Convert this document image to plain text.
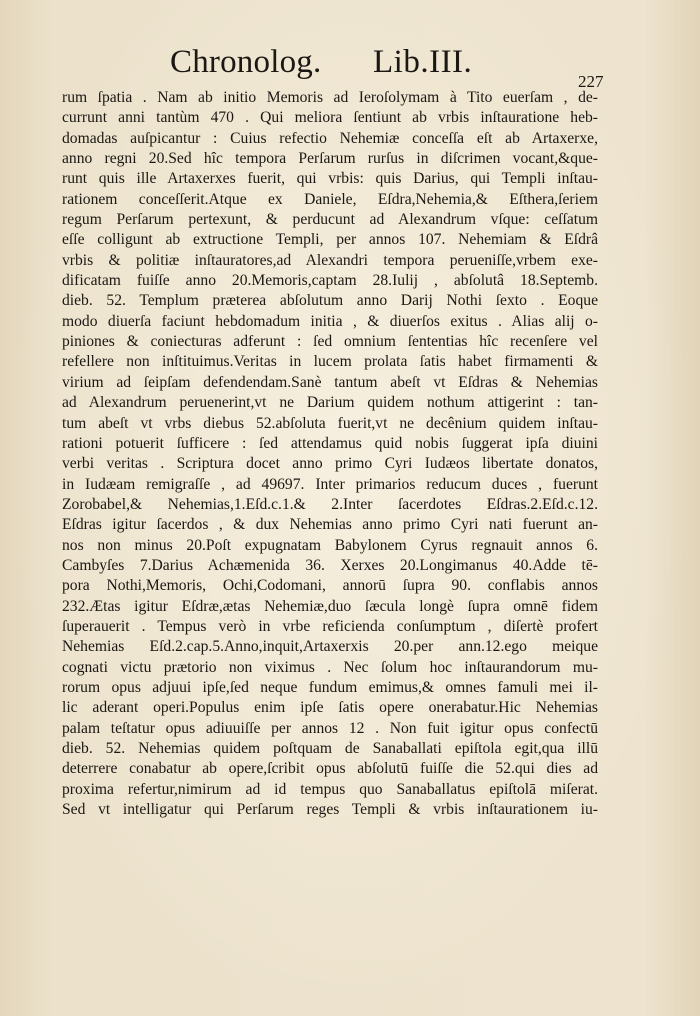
Chronolog. Lib.III.
227
rum ſpatia . Nam ab initio Memoris ad Ieroſolymam à Tito euerſam , de-
currunt anni tantùm 470 . Qui meliora ſentiunt ab vrbis inſtauratione heb-
domadas auſpicantur : Cuius refectio Nehemiæ conceſſa eſt ab Artaxerxe,
anno regni 20.Sed hîc tempora Perſarum rurſus in diſcrimen vocant,&que-
runt quis ille Artaxerxes fuerit, qui vrbis: quis Darius, qui Templi inſtau-
rationem conceſſerit.Atque ex Daniele, Eſdra,Nehemia,& Eſthera,ſeriem
regum Perſarum pertexunt, & perducunt ad Alexandrum vſque: ceſſatum
eſſe colligunt ab extructione Templi, per annos 107. Nehemiam & Eſdrâ
vrbis & politiæ inſtauratores,ad Alexandri tempora perueniſſe,vrbem exe-
dificatam fuiſſe anno 20.Memoris,captam 28.Iulij , abſolutâ 18.Septemb.
dieb. 52. Templum præterea abſolutum anno Darij Nothi ſexto . Eoque
modo diuerſa faciunt hebdomadum initia , & diuerſos exitus . Alias alij o-
piniones & coniecturas adferunt : ſed omnium ſententias hîc recenſere vel
refellere non inſtituimus.Veritas in lucem prolata ſatis habet firmamenti &
virium ad ſeipſam defendendam.Sanè tantum abeſt vt Eſdras & Nehemias
ad Alexandrum peruenerint,vt ne Darium quidem nothum attigerint : tan-
tum abeſt vt vrbs diebus 52.abſoluta fuerit,vt ne decênium quidem inſtau-
rationi potuerit ſufficere : ſed attendamus quid nobis ſuggerat ipſa diuini
verbi veritas . Scriptura docet anno primo Cyri Iudæos libertate donatos,
in Iudæam remigraſſe , ad 49697. Inter primarios reducum duces , fuerunt
Zorobabel,& Nehemias,1.Eſd.c.1.& 2.Inter ſacerdotes Eſdras.2.Eſd.c.12.
Eſdras igitur ſacerdos , & dux Nehemias anno primo Cyri nati fuerunt an-
nos non minus 20.Poſt expugnatam Babylonem Cyrus regnauit annos 6.
Cambyſes 7.Darius Achæmenida 36. Xerxes 20.Longimanus 40.Adde tē-
pora Nothi,Memoris, Ochi,Codomani, annorū ſupra 90. conflabis annos
232.Ætas igitur Eſdræ,ætas Nehemiæ,duo ſæcula longè ſupra omnē fidem
ſuperauerit . Tempus verò in vrbe reficienda conſumptum , diſertè profert
Nehemias Eſd.2.cap.5.Anno,inquit,Artaxerxis 20.per ann.12.ego meique
cognati victu prætorio non viximus . Nec ſolum hoc inſtaurandorum mu-
rorum opus adjuui ipſe,ſed neque fundum emimus,& omnes famuli mei il-
lic aderant operi.Populus enim ipſe ſatis opere onerabatur.Hic Nehemias
palam teſtatur opus adiuuiſſe per annos 12 . Non fuit igitur opus confectū
dieb. 52. Nehemias quidem poſtquam de Sanaballati epiſtola egit,qua illū
deterrere conabatur ab opere,ſcribit opus abſolutū fuiſſe die 52.qui dies ad
proxima refertur,nimirum ad id tempus quo Sanaballatus epiſtolā miſerat.
Sed vt intelligatur qui Perſarum reges Templi & vrbis inſtaurationem iu-
